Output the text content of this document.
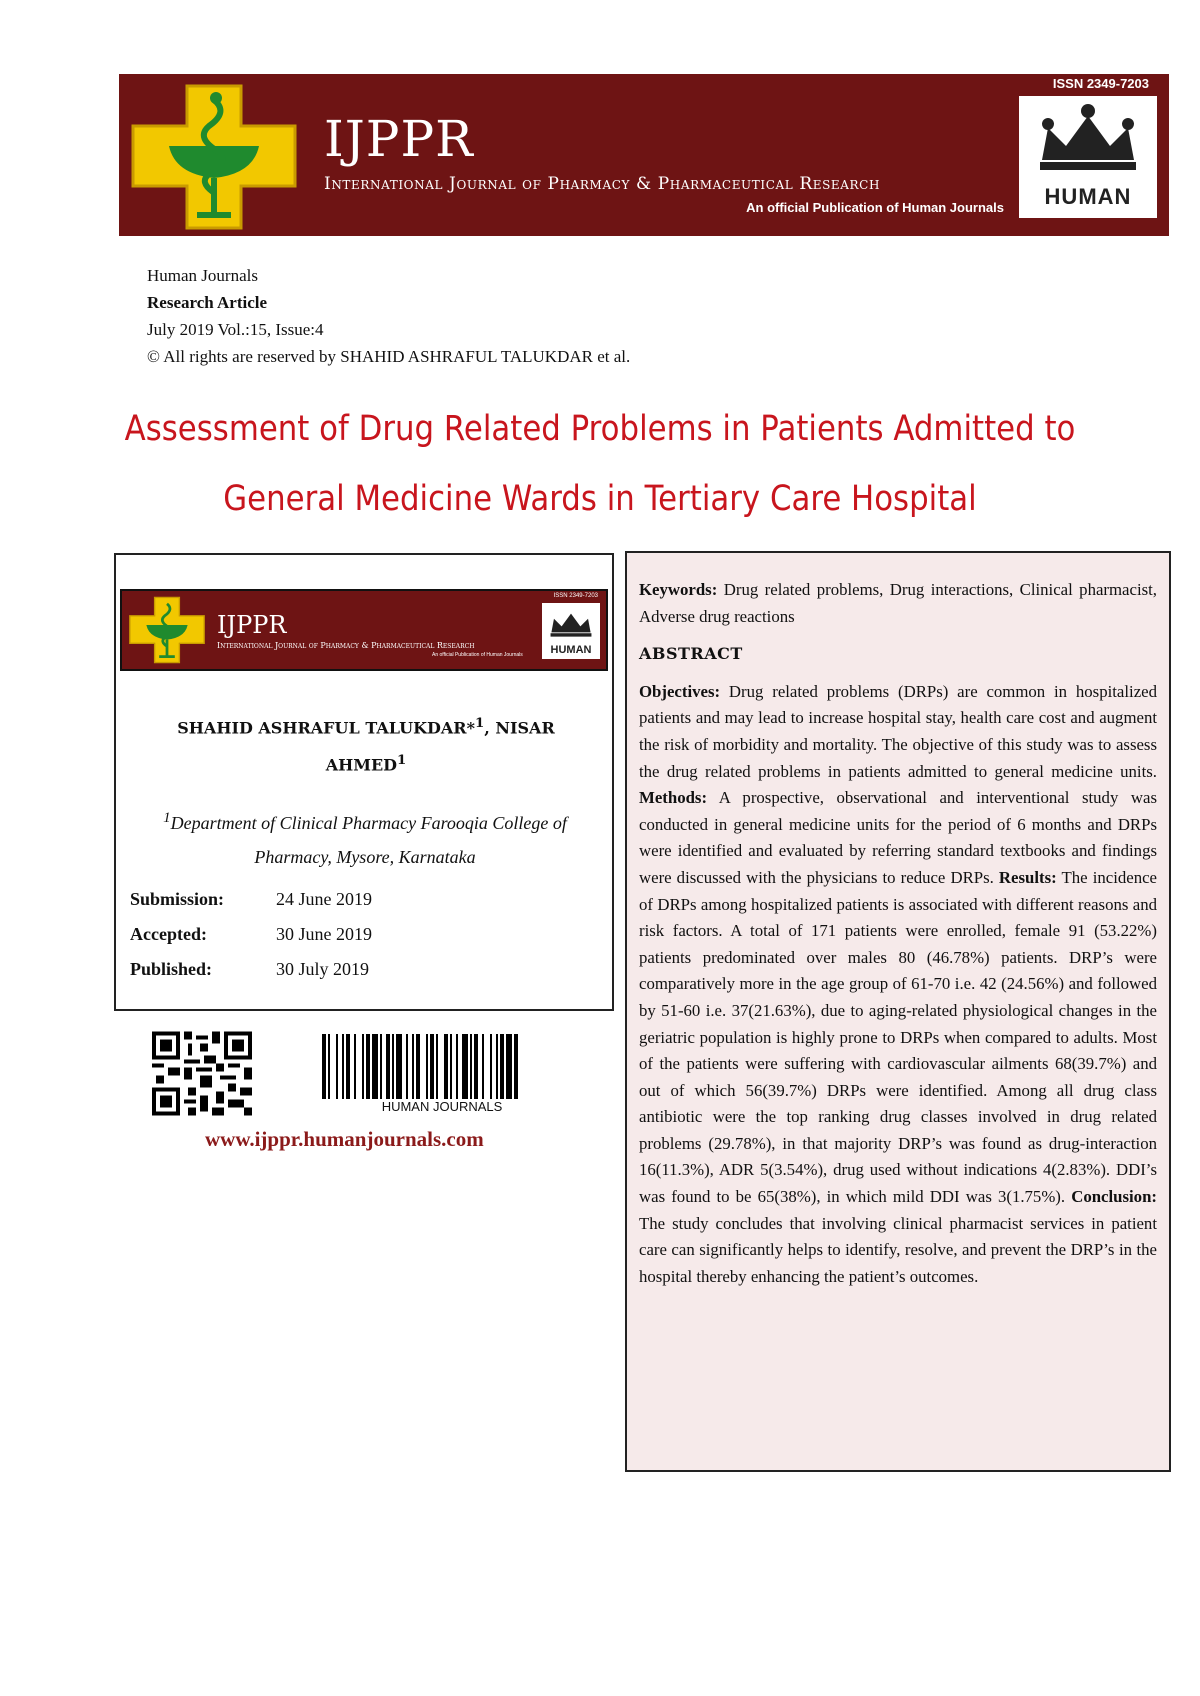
IJPPR
International Journal of Pharmacy & Pharmaceutical Research
An official Publication of Human Journals
ISSN 2349-7203
HUMAN
Human Journals
Research Article
July 2019 Vol.:15, Issue:4
© All rights are reserved by SHAHID ASHRAFUL TALUKDAR et al.
Assessment of Drug Related Problems in Patients Admitted to
General Medicine Wards in Tertiary Care Hospital
IJPPR
International Journal of Pharmacy & Pharmaceutical Research
An official Publication of Human Journals
ISSN 2349-7203
HUMAN
SHAHID ASHRAFUL TALUKDAR*$^1$, NISAR
AHMED$^1$
$^1$Department of Clinical Pharmacy Farooqia College of
Pharmacy, Mysore, Karnataka
Submission:	24 June 2019
Accepted:	30 June 2019
Published:	30 July 2019
HUMAN JOURNALS
www.ijppr.humanjournals.com

Keywords: Drug related problems, Drug interactions, Clinical pharmacist, Adverse drug reactions

ABSTRACT

Objectives: Drug related problems (DRPs) are common in hospitalized patients and may lead to increase hospital stay, health care cost and augment the risk of morbidity and mortality. The objective of this study was to assess the drug related problems in patients admitted to general medicine units. Methods: A prospective, observational and interventional study was conducted in general medicine units for the period of 6 months and DRPs were identified and evaluated by referring standard textbooks and findings were discussed with the physicians to reduce DRPs. Results: The incidence of DRPs among hospitalized patients is associated with different reasons and risk factors. A total of 171 patients were enrolled, female 91 (53.22%) patients predominated over males 80 (46.78%) patients. DRP’s were comparatively more in the age group of 61-70 i.e. 42 (24.56%) and followed by 51-60 i.e. 37(21.63%), due to aging-related physiological changes in the geriatric population is highly prone to DRPs when compared to adults. Most of the patients were suffering with cardiovascular ailments 68(39.7%) and out of which 56(39.7%) DRPs were identified. Among all drug class antibiotic were the top ranking drug classes involved in drug related problems (29.78%), in that majority DRP’s was found as drug-interaction 16(11.3%), ADR 5(3.54%), drug used without indications 4(2.83%). DDI’s was found to be 65(38%), in which mild DDI was 3(1.75%). Conclusion: The study concludes that involving clinical pharmacist services in patient care can significantly helps to identify, resolve, and prevent the DRP’s in the hospital thereby enhancing the patient’s outcomes.
